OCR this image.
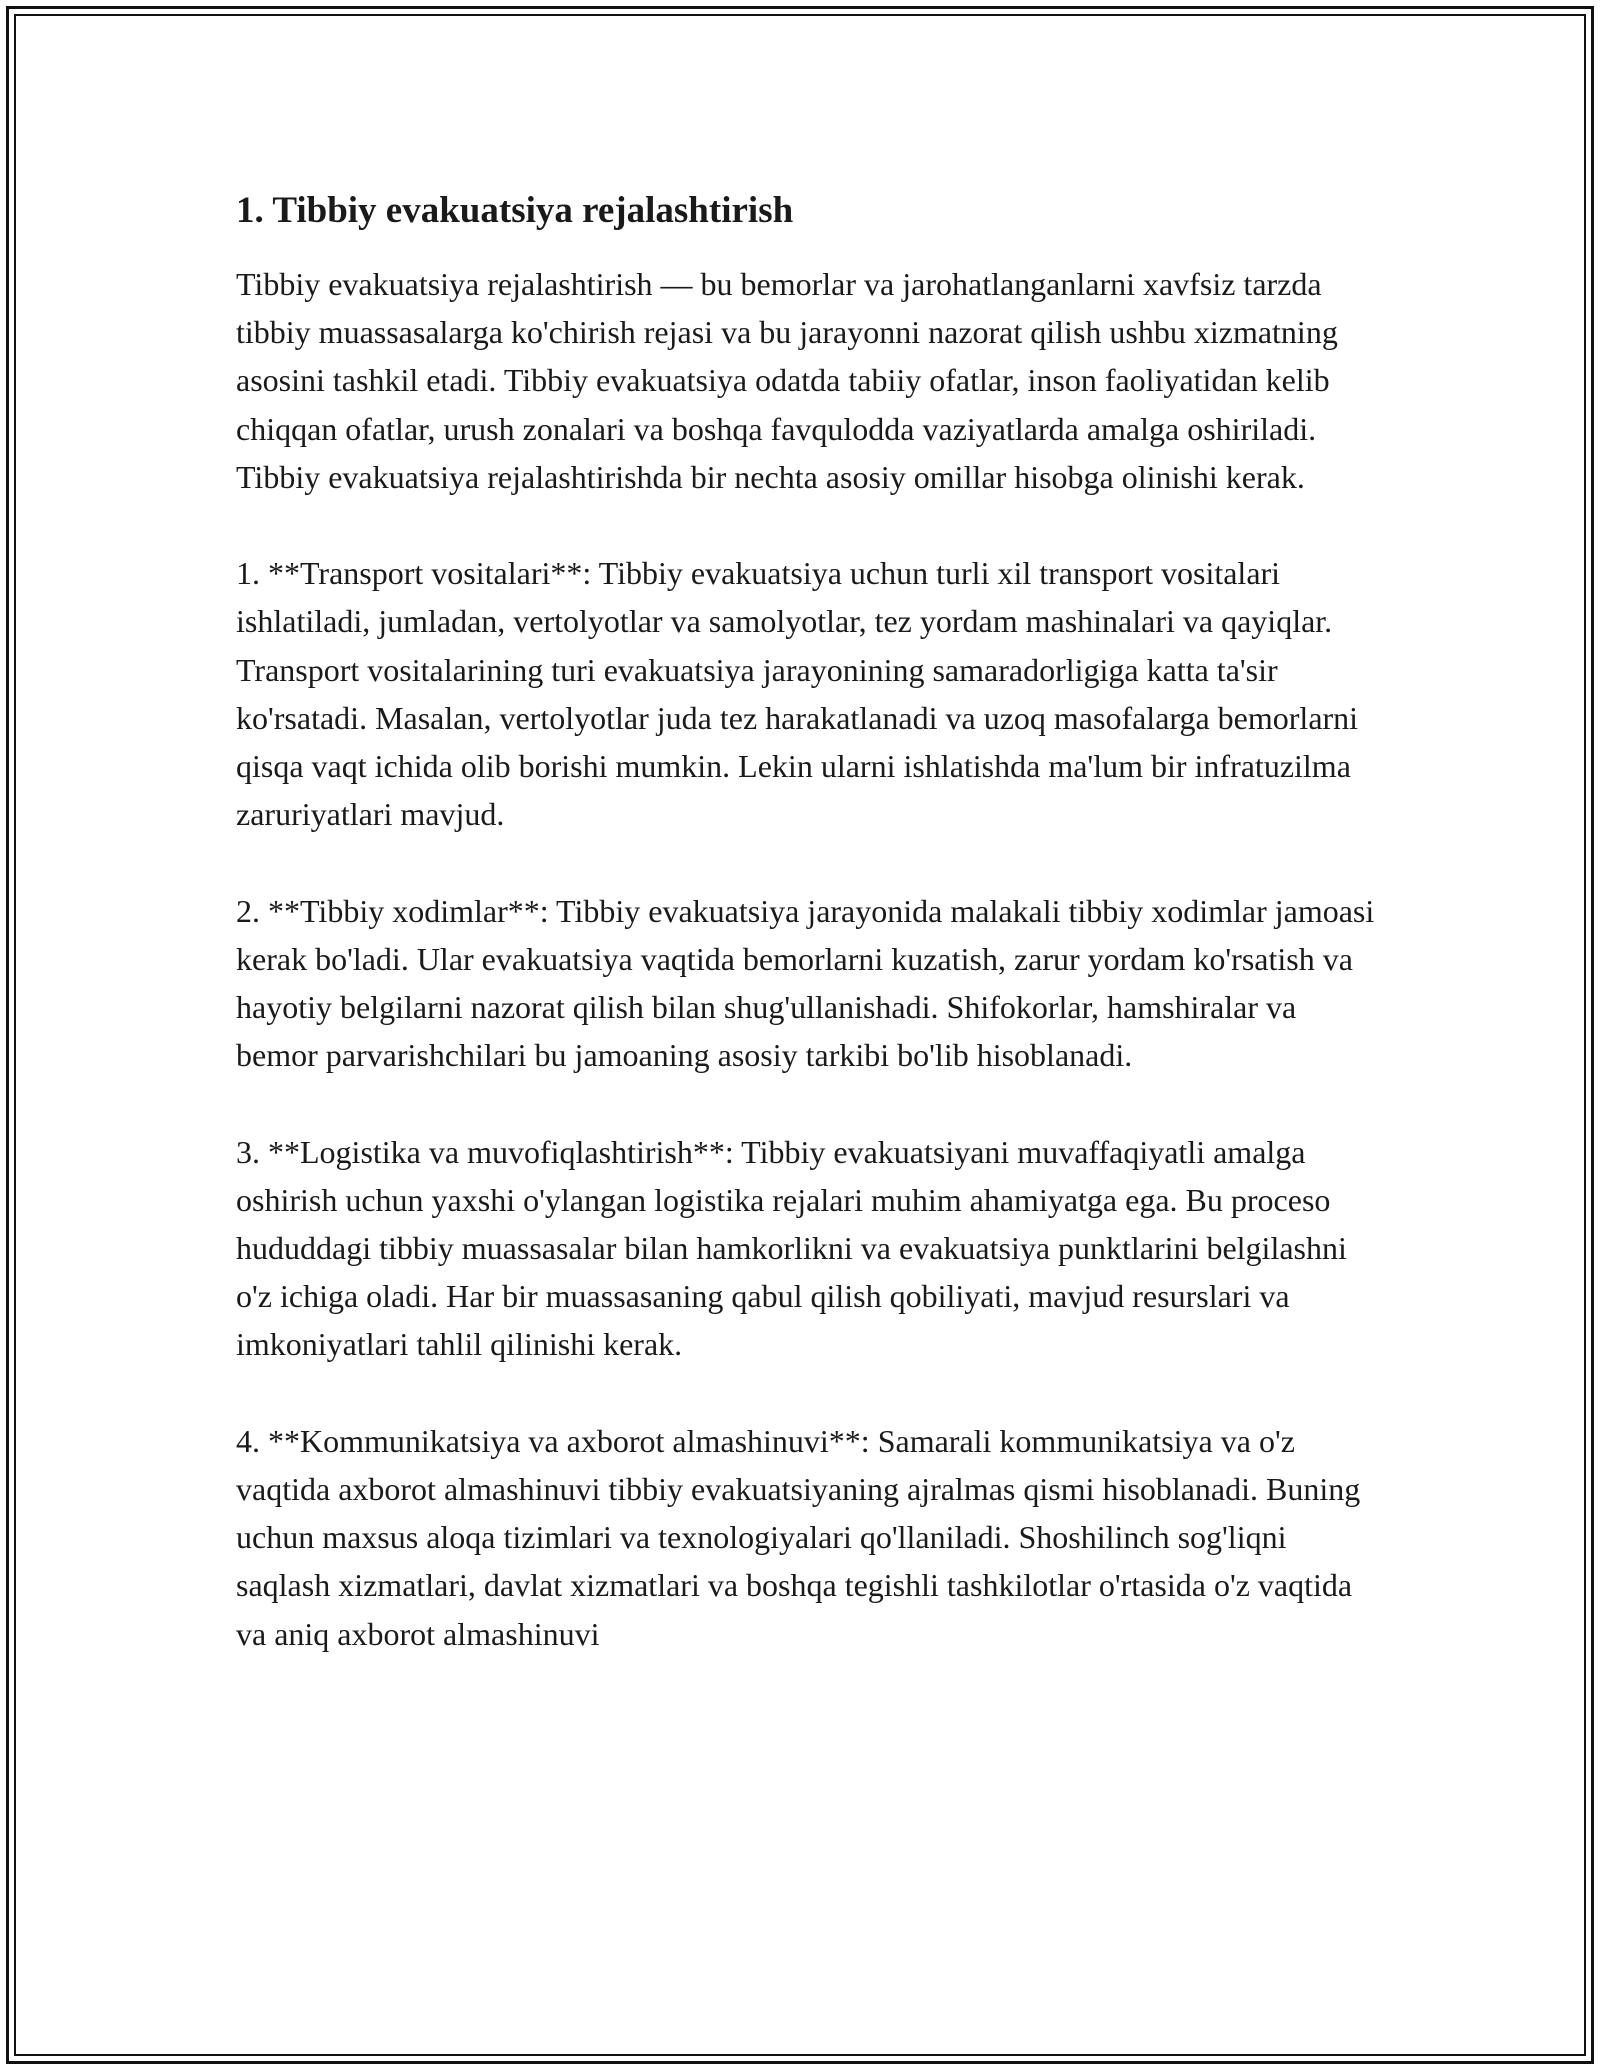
1. Tibbiy evakuatsiya rejalashtirish

Tibbiy evakuatsiya rejalashtirish — bu bemorlar va jarohatlanganlarni xavfsiz tarzda tibbiy muassasalarga ko'chirish rejasi va bu jarayonni nazorat qilish ushbu xizmatning asosini tashkil etadi. Tibbiy evakuatsiya odatda tabiiy ofatlar, inson faoliyatidan kelib chiqqan ofatlar, urush zonalari va boshqa favqulodda vaziyatlarda amalga oshiriladi. Tibbiy evakuatsiya rejalashtirishda bir nechta asosiy omillar hisobga olinishi kerak.

1. **Transport vositalari**: Tibbiy evakuatsiya uchun turli xil transport vositalari ishlatiladi, jumladan, vertolyotlar va samolyotlar, tez yordam mashinalari va qayiqlar. Transport vositalarining turi evakuatsiya jarayonining samaradorligiga katta ta'sir ko'rsatadi. Masalan, vertolyotlar juda tez harakatlanadi va uzoq masofalarga bemorlarni qisqa vaqt ichida olib borishi mumkin. Lekin ularni ishlatishda ma'lum bir infratuzilma zaruriyatlari mavjud.

2. **Tibbiy xodimlar**: Tibbiy evakuatsiya jarayonida malakali tibbiy xodimlar jamoasi kerak bo'ladi. Ular evakuatsiya vaqtida bemorlarni kuzatish, zarur yordam ko'rsatish va hayotiy belgilarni nazorat qilish bilan shug'ullanishadi. Shifokorlar, hamshiralar va bemor parvarishchilari bu jamoaning asosiy tarkibi bo'lib hisoblanadi.

3. **Logistika va muvofiqlashtirish**: Tibbiy evakuatsiyani muvaffaqiyatli amalga oshirish uchun yaxshi o'ylangan logistika rejalari muhim ahamiyatga ega. Bu proceso hududdagi tibbiy muassasalar bilan hamkorlikni va evakuatsiya punktlarini belgilashni o'z ichiga oladi. Har bir muassasaning qabul qilish qobiliyati, mavjud resurslari va imkoniyatlari tahlil qilinishi kerak.

4. **Kommunikatsiya va axborot almashinuvi**: Samarali kommunikatsiya va o'z vaqtida axborot almashinuvi tibbiy evakuatsiyaning ajralmas qismi hisoblanadi. Buning uchun maxsus aloqa tizimlari va texnologiyalari qo'llaniladi. Shoshilinch sog'liqni saqlash xizmatlari, davlat xizmatlari va boshqa tegishli tashkilotlar o'rtasida o'z vaqtida va aniq axborot almashinuvi
